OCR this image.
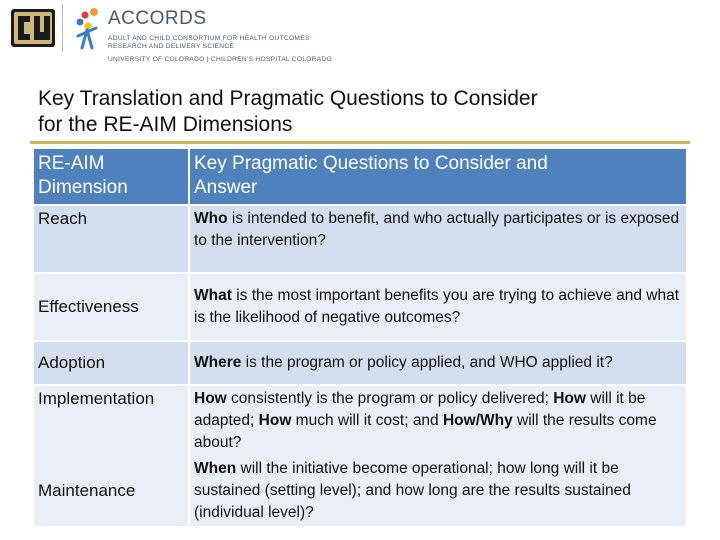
ACCORDS
ADULT AND CHILD CONSORTIUM FOR HEALTH OUTCOMES
RESEARCH AND DELIVERY SCIENCE
UNIVERSITY OF COLORADO | CHILDREN'S HOSPITAL COLORADO
Key Translation and Pragmatic Questions to Consider
for the RE-AIM Dimensions
RE-AIM
Dimension	Key Pragmatic Questions to Consider and
Answer
Reach	Who is intended to benefit, and who actually participates or is exposed to the intervention?
Effectiveness	What is the most important benefits you are trying to achieve and what is the likelihood of negative outcomes?
Adoption	Where is the program or policy applied, and WHO applied it?
Implementation	How consistently is the program or policy delivered; How will it be adapted; How much will it cost; and How/Why will the results come about?
Maintenance	When will the initiative become operational; how long will it be sustained (setting level); and how long are the results sustained (individual level)?
